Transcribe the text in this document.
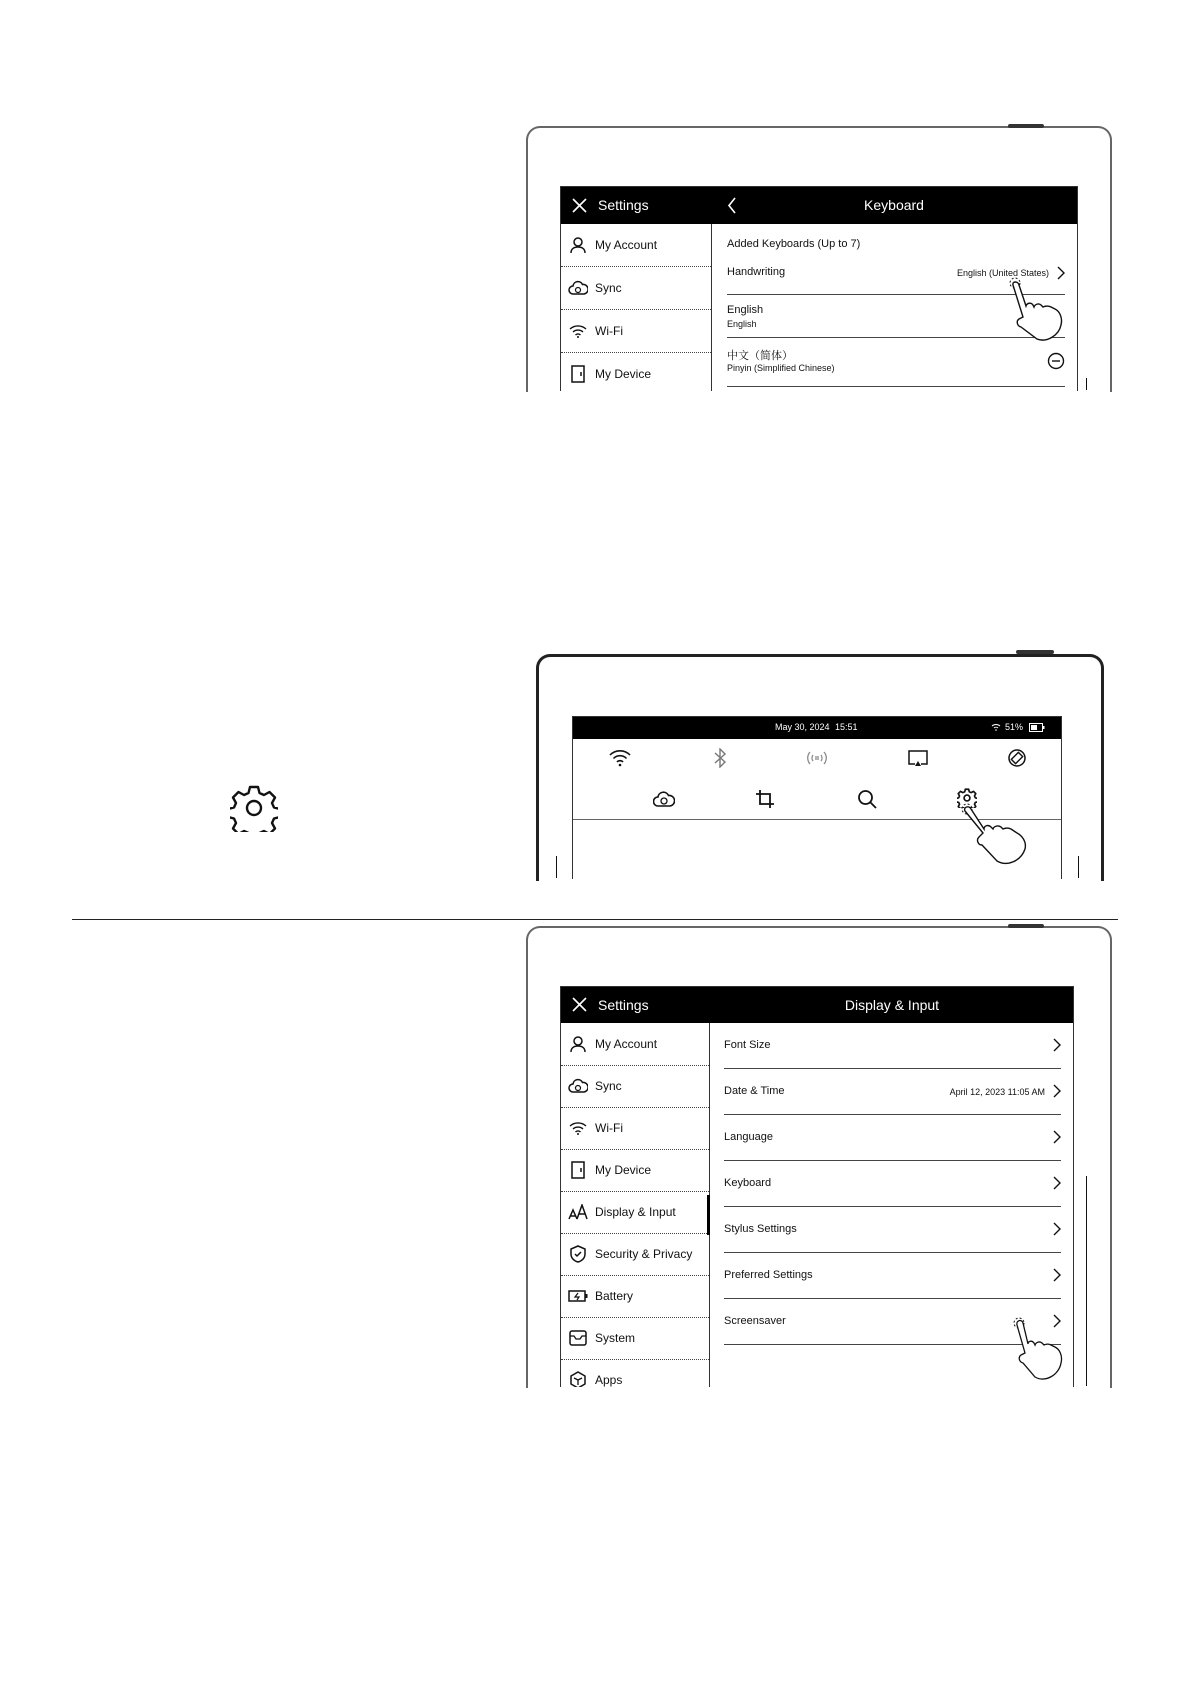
Settings	Keyboard
My Account
Sync
Wi-Fi
My Device
Added Keyboards (Up to 7)
Handwriting	English (United States)
English
English
中文（简体）
Pinyin (Simplified Chinese)
May 30, 2024 15:51	51%
Settings	Display & Input
My Account
Sync
Wi-Fi
My Device
Display & Input
Security & Privacy
Battery
System
Apps
Font Size
Date & Time	April 12, 2023 11:05 AM
Language
Keyboard
Stylus Settings
Preferred Settings
Screensaver
